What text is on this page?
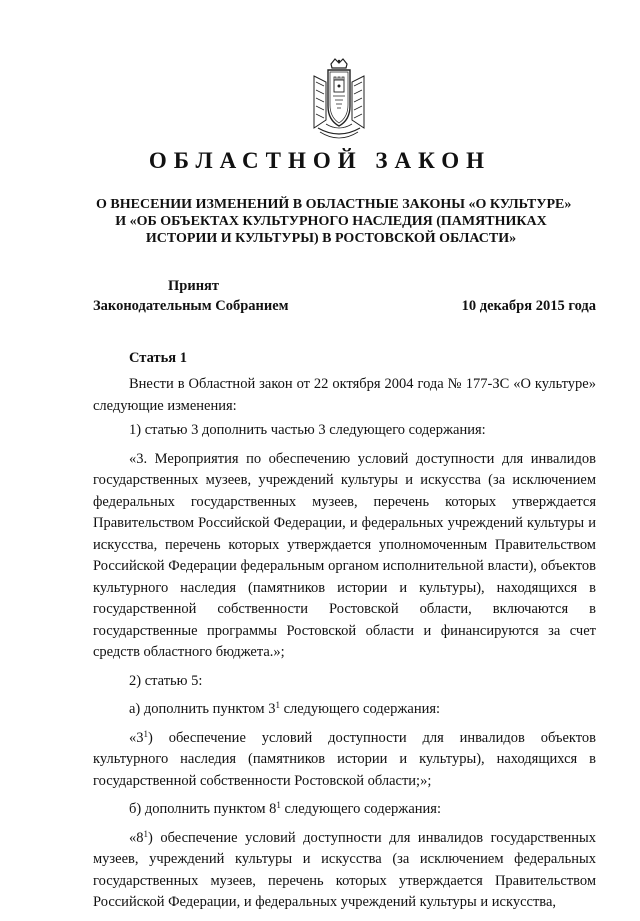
ОБЛАСТНОЙ ЗАКОН
О ВНЕСЕНИИ ИЗМЕНЕНИЙ В ОБЛАСТНЫЕ ЗАКОНЫ «О КУЛЬТУРЕ»
И «ОБ ОБЪЕКТАХ КУЛЬТУРНОГО НАСЛЕДИЯ (ПАМЯТНИКАХ
ИСТОРИИ И КУЛЬТУРЫ) В РОСТОВСКОЙ ОБЛАСТИ»
Принят
Законодательным Собранием	10 декабря 2015 года
Статья 1

Внести в Областной закон от 22 октября 2004 года № 177-ЗС «О культуре» следующие изменения:

1) статью 3 дополнить частью 3 следующего содержания:

«3. Мероприятия по обеспечению условий доступности для инвалидов государственных музеев, учреждений культуры и искусства (за исключением федеральных государственных музеев, перечень которых утверждается Правительством Российской Федерации, и федеральных учреждений культуры и искусства, перечень которых утверждается уполномоченным Правительством Российской Федерации федеральным органом исполнительной власти), объектов культурного наследия (памятников истории и культуры), находящихся в государственной собственности Ростовской области, включаются в государственные программы Ростовской области и финансируются за счет средств областного бюджета.»;

2) статью 5:

а) дополнить пунктом $3^1$ следующего содержания:

«$3^1$) обеспечение условий доступности для инвалидов объектов культурного наследия (памятников истории и культуры), находящихся в государственной собственности Ростовской области;»;

б) дополнить пунктом $8^1$ следующего содержания:

«$8^1$) обеспечение условий доступности для инвалидов государственных музеев, учреждений культуры и искусства (за исключением федеральных государственных музеев, перечень которых утверждается Правительством Российской Федерации, и федеральных учреждений культуры и искусства,
